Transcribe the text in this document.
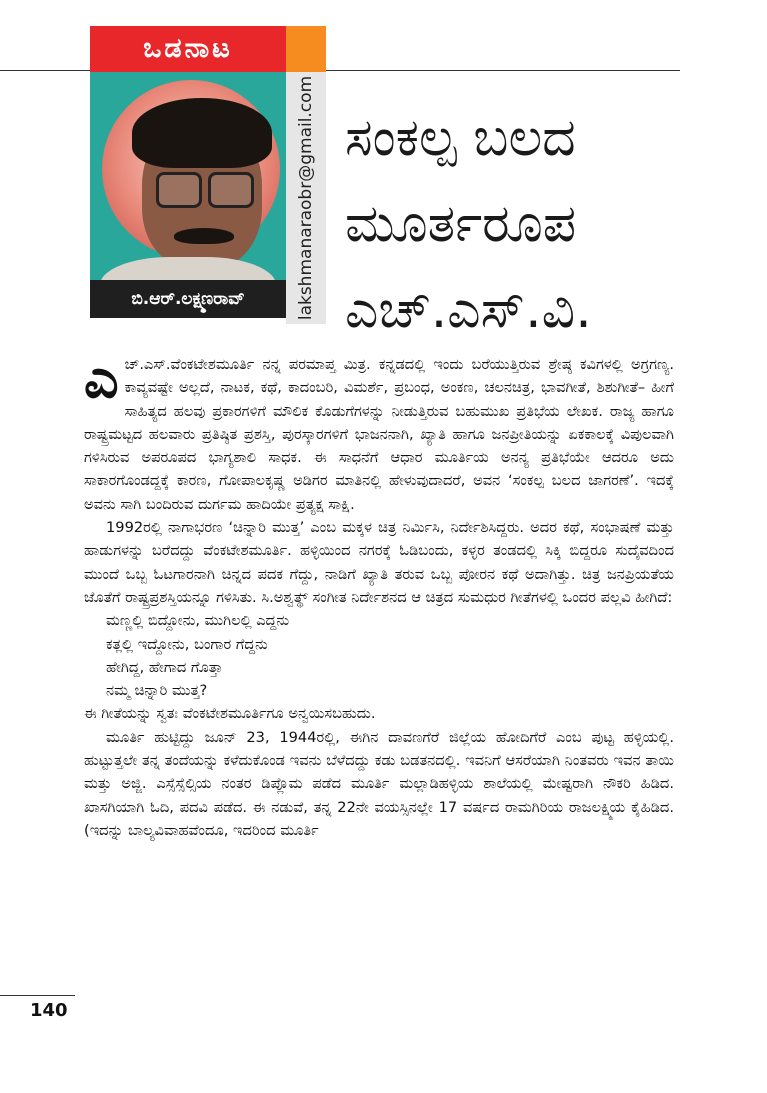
ಒಡನಾಟ
ಬಿ.ಆರ್.ಲಕ್ಷ್ಮಣರಾವ್	lakshmanaraobr@gmail.com ಸಂಕಲ್ಪ ಬಲದ
ಮೂರ್ತರೂಪ
ಎಚ್.ಎಸ್.ವಿ.

ಎಚ್.ಎಸ್.ವೆಂಕಟೇಶಮೂರ್ತಿ ನನ್ನ ಪರಮಾಪ್ತ ಮಿತ್ರ. ಕನ್ನಡದಲ್ಲಿ ಇಂದು ಬರೆಯುತ್ತಿರುವ ಶ್ರೇಷ್ಠ ಕವಿಗಳಲ್ಲಿ ಅಗ್ರಗಣ್ಯ. ಕಾವ್ಯವಷ್ಟೇ ಅಲ್ಲದೆ, ನಾಟಕ, ಕಥೆ, ಕಾದಂಬರಿ, ವಿಮರ್ಶೆ, ಪ್ರಬಂಧ, ಅಂಕಣ, ಚಲನಚಿತ್ರ, ಭಾವಗೀತೆ, ಶಿಶುಗೀತೆ– ಹೀಗೆ ಸಾಹಿತ್ಯದ ಹಲವು ಪ್ರಕಾರಗಳಿಗೆ ಮೌಲಿಕ ಕೊಡುಗೆಗಳನ್ನು ನೀಡುತ್ತಿರುವ ಬಹುಮುಖ ಪ್ರತಿಭೆಯ ಲೇಖಕ. ರಾಜ್ಯ ಹಾಗೂ ರಾಷ್ಟ್ರಮಟ್ಟದ ಹಲವಾರು ಪ್ರತಿಷ್ಠಿತ ಪ್ರಶಸ್ತಿ, ಪುರಸ್ಕಾರಗಳಿಗೆ ಭಾಜನನಾಗಿ, ಖ್ಯಾತಿ ಹಾಗೂ ಜನಪ್ರೀತಿಯನ್ನು ಏಕಕಾಲಕ್ಕೆ ವಿಪುಲವಾಗಿ ಗಳಿಸಿರುವ ಅಪರೂಪದ ಭಾಗ್ಯಶಾಲಿ ಸಾಧಕ. ಈ ಸಾಧನೆಗೆ ಆಧಾರ ಮೂರ್ತಿಯ ಅನನ್ಯ ಪ್ರತಿಭೆಯೇ ಆದರೂ ಅದು ಸಾಕಾರಗೊಂಡದ್ದಕ್ಕೆ ಕಾರಣ, ಗೋಪಾಲಕೃಷ್ಣ ಅಡಿಗರ ಮಾತಿನಲ್ಲಿ ಹೇಳುವುದಾದರೆ, ಅವನ ‘ಸಂಕಲ್ಪ ಬಲದ ಜಾಗರಣೆ’. ಇದಕ್ಕೆ ಅವನು ಸಾಗಿ ಬಂದಿರುವ ದುರ್ಗಮ ಹಾದಿಯೇ ಪ್ರತ್ಯಕ್ಷ ಸಾಕ್ಷಿ.

1992ರಲ್ಲಿ ನಾಗಾಭರಣ ‘ಚಿನ್ನಾರಿ ಮುತ್ತ’ ಎಂಬ ಮಕ್ಕಳ ಚಿತ್ರ ನಿರ್ಮಿಸಿ, ನಿರ್ದೇಶಿಸಿದ್ದರು. ಅದರ ಕಥೆ, ಸಂಭಾಷಣೆ ಮತ್ತು ಹಾಡುಗಳನ್ನು ಬರೆದದ್ದು ವೆಂಕಟೇಶಮೂರ್ತಿ. ಹಳ್ಳಿಯಿಂದ ನಗರಕ್ಕೆ ಓಡಿಬಂದು, ಕಳ್ಳರ ತಂಡದಲ್ಲಿ ಸಿಕ್ಕಿ ಬಿದ್ದರೂ ಸುದೈವದಿಂದ ಮುಂದೆ ಒಬ್ಬ ಓಟಗಾರನಾಗಿ ಚಿನ್ನದ ಪದಕ ಗೆದ್ದು, ನಾಡಿಗೆ ಖ್ಯಾತಿ ತರುವ ಒಬ್ಬ ಪೋರನ ಕಥೆ ಅದಾಗಿತ್ತು. ಚಿತ್ರ ಜನಪ್ರಿಯತೆಯ ಜೊತೆಗೆ ರಾಷ್ಟ್ರಪ್ರಶಸ್ತಿಯನ್ನೂ ಗಳಿಸಿತು. ಸಿ.ಅಶ್ವತ್ಥ್ ಸಂಗೀತ ನಿರ್ದೇಶನದ ಆ ಚಿತ್ರದ ಸುಮಧುರ ಗೀತೆಗಳಲ್ಲಿ ಒಂದರ ಪಲ್ಲವಿ ಹೀಗಿದೆ:

ಮಣ್ಣಲ್ಲಿ ಬಿದ್ದೋನು, ಮುಗಿಲಲ್ಲಿ ಎದ್ದನು

ಕತ್ಲಲ್ಲಿ ಇದ್ದೋನು, ಬಂಗಾರ ಗೆದ್ದನು

ಹೇಗಿದ್ದ, ಹೇಗಾದ ಗೊತ್ತಾ

ನಮ್ಮ ಚಿನ್ನಾರಿ ಮುತ್ತ?

ಈ ಗೀತೆಯನ್ನು ಸ್ವತಃ ವೆಂಕಟೇಶಮೂರ್ತಿಗೂ ಅನ್ವಯಿಸಬಹುದು.

ಮೂರ್ತಿ ಹುಟ್ಟಿದ್ದು ಜೂನ್ 23, 1944ರಲ್ಲಿ, ಈಗಿನ ದಾವಣಗೆರೆ ಜಿಲ್ಲೆಯ ಹೋದಿಗೆರೆ ಎಂಬ ಪುಟ್ಟ ಹಳ್ಳಿಯಲ್ಲಿ. ಹುಟ್ಟುತ್ತಲೇ ತನ್ನ ತಂದೆಯನ್ನು ಕಳೆದುಕೊಂಡ ಇವನು ಬೆಳೆದದ್ದು ಕಡು ಬಡತನದಲ್ಲಿ. ಇವನಿಗೆ ಆಸರೆಯಾಗಿ ನಿಂತವರು ಇವನ ತಾಯಿ ಮತ್ತು ಅಜ್ಜಿ. ಎಸ್ಸೆಸ್ಸೆಲ್ಸಿಯ ನಂತರ ಡಿಪ್ಲೊಮ ಪಡೆದ ಮೂರ್ತಿ ಮಲ್ಲಾಡಿಹಳ್ಳಿಯ ಶಾಲೆಯಲ್ಲಿ ಮೇಷ್ಟರಾಗಿ ನೌಕರಿ ಹಿಡಿದ. ಖಾಸಗಿಯಾಗಿ ಓದಿ, ಪದವಿ ಪಡೆದ. ಈ ನಡುವೆ, ತನ್ನ 22ನೇ ವಯಸ್ಸಿನಲ್ಲೇ 17 ವರ್ಷದ ರಾಮಗಿರಿಯ ರಾಜಲಕ್ಷ್ಮಿಯ ಕೈಹಿಡಿದ. (ಇದನ್ನು ಬಾಲ್ಯವಿವಾಹವೆಂದೂ, ಇದರಿಂದ ಮೂರ್ತಿ

140
